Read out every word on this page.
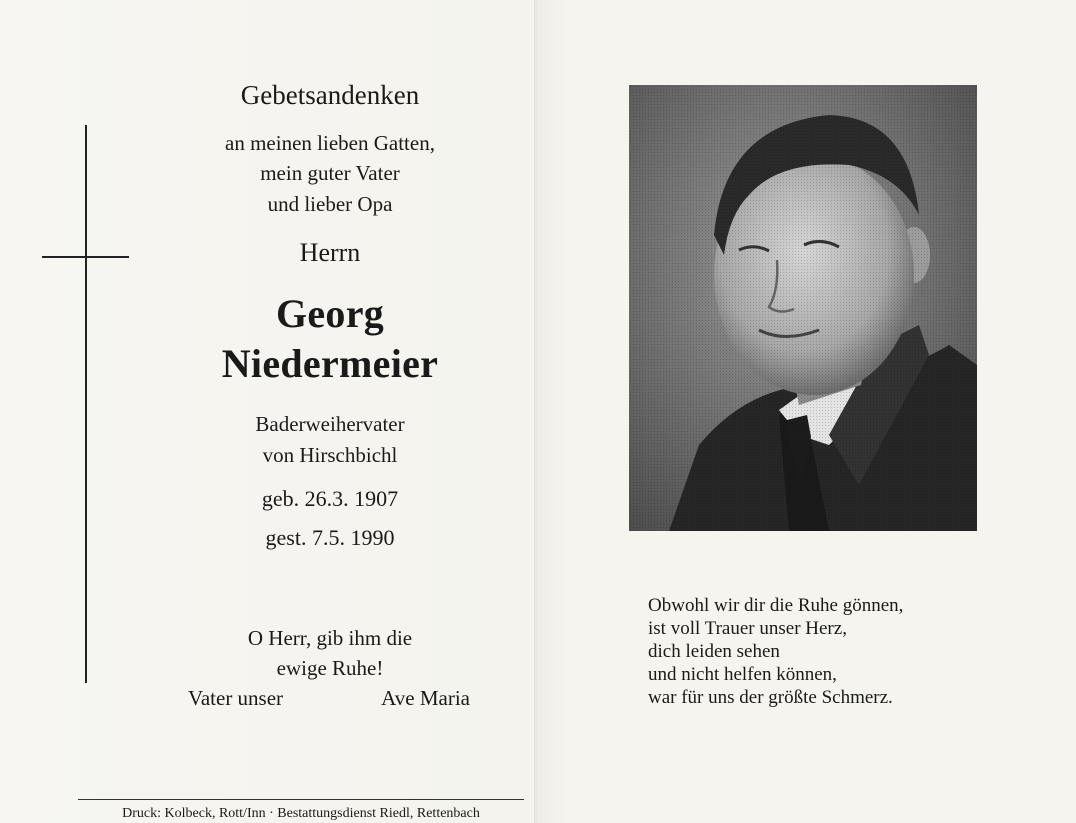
Gebetsandenken
an meinen lieben Gatten,
mein guter Vater
und lieber Opa
Herrn
Georg
Niedermeier
Baderweihervater
von Hirschbichl
geb. 26.3. 1907
gest. 7.5. 1990
O Herr, gib ihm die
ewige Ruhe!
Vater unser	Ave Maria
Druck: Kolbeck, Rott/Inn · Bestattungsdienst Riedl, Rettenbach
Obwohl wir dir die Ruhe gönnen,
ist voll Trauer unser Herz,
dich leiden sehen
und nicht helfen können,
war für uns der größte Schmerz.
